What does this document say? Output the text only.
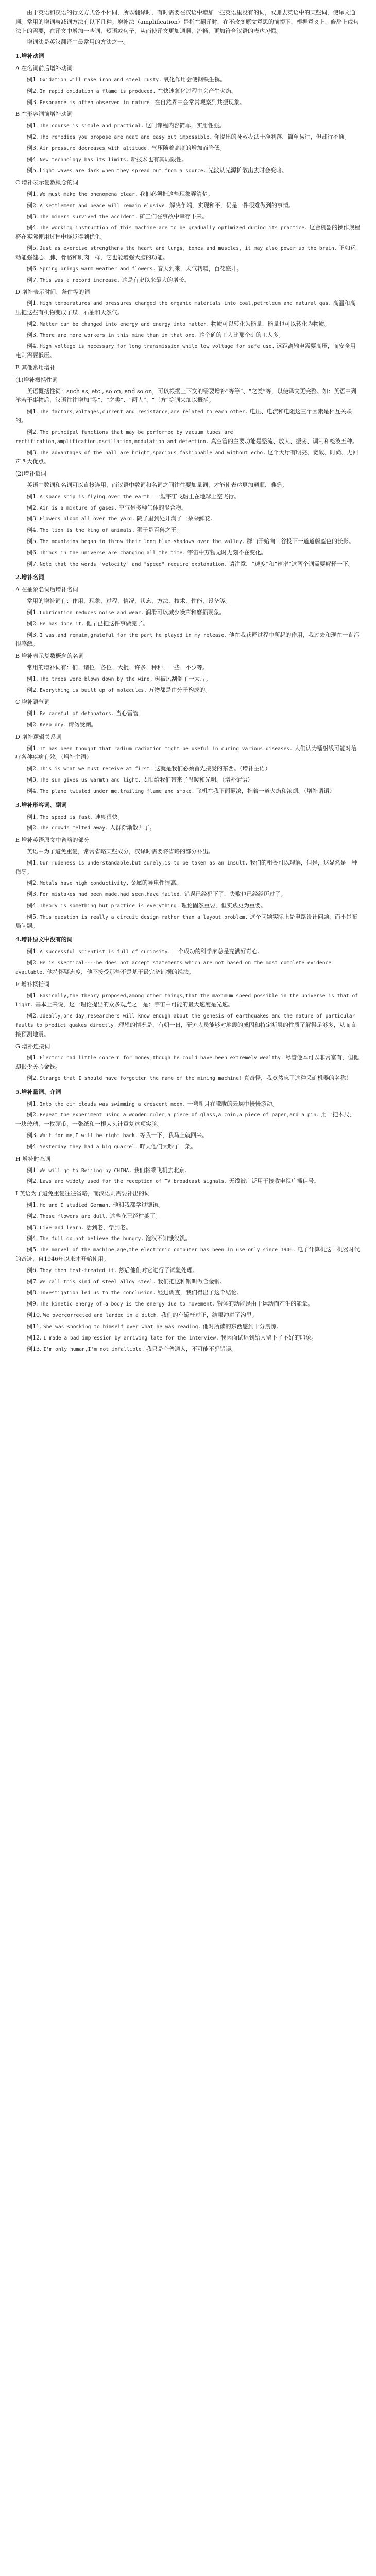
由于英语和汉语的行文方式各不相同，所以翻译时，有时需要在汉语中增加一些英语里没有的词，或删去英语中的某些词，使译文通顺。常用的增词与减词方法有以下几种。增补法（amplification）是指在翻译时，在不改变原文意思的前提下，根据意义上、修辞上或句法上的需要，在译文中增加一些词、短语或句子，从而使译文更加通顺、流畅，更加符合汉语的表达习惯。

增词法是英汉翻译中最常用的方法之一。

1.增补动词

A 在名词前后增补动词

例1. Oxidation will make iron and steel rusty. 氧化作用会使钢铁生锈。

例2. In rapid oxidation a flame is produced. 在快速氧化过程中会产生火焰。

例3. Resonance is often observed in nature. 在自然界中会常常观察到共振现象。

B 在形容词前增补动词

例1. The course is simple and practical. 这门课程内容简单，实用性强。

例2. The remedies you propose are neat and easy but impossible. 你提出的补救办法干净利落，简单易行，但却行不通。

例3. Air pressure decreases with altitude. 气压随着高度的增加而降低。

例4. New technology has its limits. 新技术也有其局限性。

例5. Light waves are dark when they spread out from a source. 光波从光源扩散出去时会变暗。

C 增补表示复数概念的词

例1. We must make the phenomena clear. 我们必须把这些现象弄清楚。

例2. A settlement and peace will remain elusive. 解决争端，实现和平，仍是一件很难做到的事情。

例3. The miners survived the accident. 矿工们在事故中幸存下来。

例4. The working instruction of this machine are to be gradually optimized during its practice. 这台机器的操作规程将在实际使用过程中逐步得到优化。

例5. Just as exercise strengthens the heart and lungs, bones and muscles, it may also power up the brain. 正如运动能强健心、肺、骨骼和肌肉一样，它也能增强大脑的功能。

例6. Spring brings warm weather and flowers. 春天到来，天气转暖，百花盛开。

例7. This was a record increase. 这是有史以来最大的增长。

D 增补表示时间、条件等的词

例1. High temperatures and pressures changed the organic materials into coal,petroleum and natural gas. 高温和高压把这些有机物变成了煤、石油和天然气。

例2. Matter can be changed into energy and energy into matter. 物质可以转化为能量，能量也可以转化为物质。

例3. There are more workers in this mine than in that one. 这个矿的工人比那个矿的工人多。

例4. High voltage is necessary for long transmission while low voltage for safe use. 远距离输电需要高压，而安全用电则需要低压。

E 其他常用增补

(1)增补概括性词

英语概括性词：such as, etc., so on, and so on，可以根据上下文的需要增补“等等”、“之类”等，以使译文更完整。如：英语中列举若干事物后，汉语往往增加“等”、“之类”、“两人”、“三方”等词来加以概括。

例1. The factors,voltages,current and resistance,are related to each other. 电压、电流和电阻这三个因素是相互关联的。

例2. The principal functions that may be performed by vacuum tubes are rectification,amplification,oscillation,modulation and detection. 真空管的主要功能是整流、放大、振荡、调制和检波五种。

例3. The advantages of the hall are bright,spacious,fashionable and without echo. 这个大厅有明亮、宽敞、时尚、无回声四大优点。

(2)增补量词

英语中数词和名词可以直接连用，而汉语中数词和名词之间往往要加量词，才能使表达更加通顺、准确。

例1. A space ship is flying over the earth. 一艘宇宙飞船正在地球上空飞行。

例2. Air is a mixture of gases. 空气是多种气体的混合物。

例3. Flowers bloom all over the yard. 院子里到处开满了一朵朵鲜花。

例4. The lion is the king of animals. 狮子是百兽之王。

例5. The mountains began to throw their long blue shadows over the valley. 群山开始向山谷投下一道道蔚蓝色的长影。

例6. Things in the universe are changing all the time. 宇宙中万物无时无刻不在变化。

例7. Note that the words "velocity" and "speed" require explanation. 请注意，“速度”和“速率”这两个词需要解释一下。

2.增补名词

A 在抽象名词后增补名词

常用的增补词有：作用、现象、过程、情况、状态、方法、技术、性能、设备等。

例1. Lubrication reduces noise and wear. 润滑可以减少噪声和磨损现象。

例2. He has done it. 他早已把这件事做完了。

例3. I was,and remain,grateful for the part he played in my release. 他在我获释过程中所起的作用，我过去和现在一直都很感激。

B 增补表示复数概念的名词

常用的增补词有：们、诸位、各位、大批、许多、种种、一些、不少等。

例1. The trees were blown down by the wind. 树被风刮倒了一大片。

例2. Everything is built up of molecules. 万物都是由分子构成的。

C 增补语气词

例1. Be careful of detonators. 当心雷管！

例2. Keep dry. 请勿受潮。

D 增补逻辑关系词

例1. It has been thought that radium radiation might be useful in curing various diseases. 人们认为镭射线可能对治疗各种疾病有效。（增补主语）

例2. This is what we must receive at first. 这就是我们必须首先接受的东西。（增补主语）

例3. The sun gives us warmth and light. 太阳给我们带来了温暖和光明。（增补谓语）

例4. The plane twisted under me,trailing flame and smoke. 飞机在我下面翻滚，拖着一道火焰和浓烟。（增补谓语）

3.增补形容词、副词

例1. The speed is fast. 速度很快。

例2. The crowds melted away. 人群渐渐散开了。

E 增补英语原文中省略的部分

英语中为了避免重复，常常省略某些成分，汉译时需要将省略的部分补出。

例1. Our rudeness is understandable,but surely,is to be taken as an insult. 我们的粗鲁可以理解，但是，这显然是一种侮辱。

例2. Metals have high conductivity. 金属的导电性很高。

例3. For mistakes had been made,had seen,have failed. 错误已经犯下了，失败也已经经历过了。

例4. Theory is something but practice is everything. 理论固然重要，但实践更为重要。

例5. This question is really a circuit design rather than a layout problem. 这个问题实际上是电路设计问题，而不是布局问题。

4.增补原文中没有的词

例1. A successful scientist is full of curiosity. 一个成功的科学家总是充满好奇心。

例2. He is skeptical----he does not accept statements which are not based on the most complete evidence available. 他持怀疑态度，他不接受那些不是基于最完备证据的说法。

F 增补概括词

例1. Basically,the theory proposed,among other things,that the maximum speed possible in the universe is that of light. 基本上来说，这一理论提出的众多观点之一是：宇宙中可能的最大速度是光速。

例2. Ideally,one day,researchers will know enough about the genesis of earthquakes and the nature of particular faults to predict quakes directly. 理想的情况是，有朝一日，研究人员能够对地震的成因和特定断层的性质了解得足够多，从而直接预测地震。

G 增补连接词

例1. Electric had little concern for money,though he could have been extremely wealthy. 尽管他本可以非常富有，但他却很少关心金钱。

例2. Strange that I should have forgotten the name of the mining machine! 真奇怪，我竟然忘了这种采矿机器的名称！

5.增补量词、介词

例1. Into the dim clouds was swimming a crescent moon. 一弯新月在朦胧的云层中慢慢游动。

例2. Repeat the experiment using a wooden ruler,a piece of glass,a coin,a piece of paper,and a pin. 用一把木尺、一块玻璃、一枚硬币、一张纸和一根大头针重复这项实验。

例3. Wait for me,I will be right back. 等我一下，我马上就回来。

例4. Yesterday they had a big quarrel. 昨天他们大吵了一架。

H 增补时态词

例1. We will go to Beijing by CHINA. 我们将乘飞机去北京。

例2. Laws are widely used for the reception of TV broadcast signals. 天线被广泛用于接收电视广播信号。

I 英语为了避免重复往往省略，而汉语则需要补出的词

例1. He and I studied German. 他和我都学过德语。

例2. These flowers are dull. 这些花已经枯萎了。

例3. Live and learn. 活到老，学到老。

例4. The full do not believe the hungry. 饱汉不知饿汉饥。

例5. The marvel of the machine age,the electronic computer has been in use only since 1946. 电子计算机这一机器时代的奇迹，自1946年以来才开始使用。

例6. They then test-treated it. 然后他们对它进行了试验处理。

例7. We call this kind of steel alloy steel. 我们把这种钢叫做合金钢。

例8. Investigation led us to the conclusion. 经过调查，我们得出了这个结论。

例9. The kinetic energy of a body is the energy due to movement. 物体的动能是由于运动而产生的能量。

例10. We overcorrected and landed in a ditch. 我们的车矫枉过正，结果冲进了沟里。

例11. She was shocking to himself over what he was reading. 他对所读的东西感到十分震惊。

例12. I made a bad impression by arriving late for the interview. 我因面试迟到给人留下了不好的印象。

例13. I'm only human,I'm not infallible. 我只是个普通人，不可能不犯错误。
